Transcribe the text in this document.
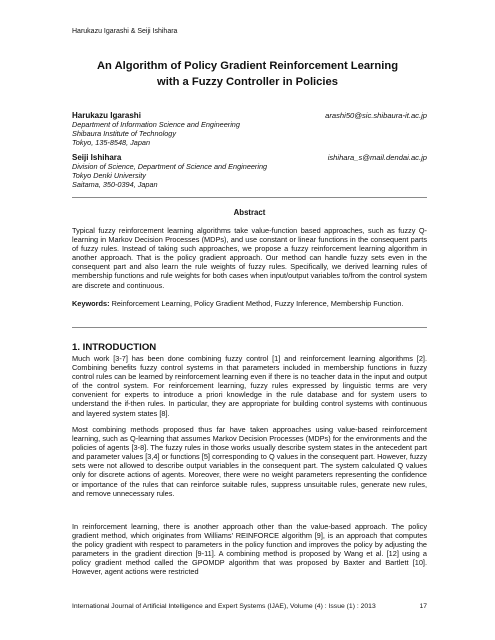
Harukazu Igarashi & Seiji Ishihara
An Algorithm of Policy Gradient Reinforcement Learning
with a Fuzzy Controller in Policies
Harukazu Igarashi	arashi50@sic.shibaura-it.ac.jp
Department of Information Science and Engineering
Shibaura Institute of Technology
Tokyo, 135-8548, Japan
Seiji Ishihara	ishihara_s@mail.dendai.ac.jp
Division of Science, Department of Science and Engineering
Tokyo Denki University
Saitama, 350-0394, Japan
Abstract

Typical fuzzy reinforcement learning algorithms take value-function based approaches, such as fuzzy Q-learning in Markov Decision Processes (MDPs), and use constant or linear functions in the consequent parts of fuzzy rules. Instead of taking such approaches, we propose a fuzzy reinforcement learning algorithm in another approach. That is the policy gradient approach. Our method can handle fuzzy sets even in the consequent part and also learn the rule weights of fuzzy rules. Specifically, we derived learning rules of membership functions and rule weights for both cases when input/output variables to/from the control system are discrete and continuous.

Keywords: Reinforcement Learning, Policy Gradient Method, Fuzzy Inference, Membership Function.

1. INTRODUCTION

Much work [3-7] has been done combining fuzzy control [1] and reinforcement learning algorithms [2]. Combining benefits fuzzy control systems in that parameters included in membership functions in fuzzy control rules can be learned by reinforcement learning even if there is no teacher data in the input and output of the control system. For reinforcement learning, fuzzy rules expressed by linguistic terms are very convenient for experts to introduce a priori knowledge in the rule database and for system users to understand the if-then rules. In particular, they are appropriate for building control systems with continuous and layered system states [8].

Most combining methods proposed thus far have taken approaches using value-based reinforcement learning, such as Q-learning that assumes Markov Decision Processes (MDPs) for the environments and the policies of agents [3-8]. The fuzzy rules in those works usually describe system states in the antecedent part and parameter values [3,4] or functions [5] corresponding to Q values in the consequent part. However, fuzzy sets were not allowed to describe output variables in the consequent part. The system calculated Q values only for discrete actions of agents. Moreover, there were no weight parameters representing the confidence or importance of the rules that can reinforce suitable rules, suppress unsuitable rules, generate new rules, and remove unnecessary rules.

In reinforcement learning, there is another approach other than the value-based approach. The policy gradient method, which originates from Williams' REINFORCE algorithm [9], is an approach that computes the policy gradient with respect to parameters in the policy function and improves the policy by adjusting the parameters in the gradient direction [9-11]. A combining method is proposed by Wang et al. [12] using a policy gradient method called the GPOMDP algorithm that was proposed by Baxter and Bartlett [10]. However, agent actions were restricted

International Journal of Artificial Intelligence and Expert Systems (IJAE), Volume (4) : Issue (1) : 2013	17
